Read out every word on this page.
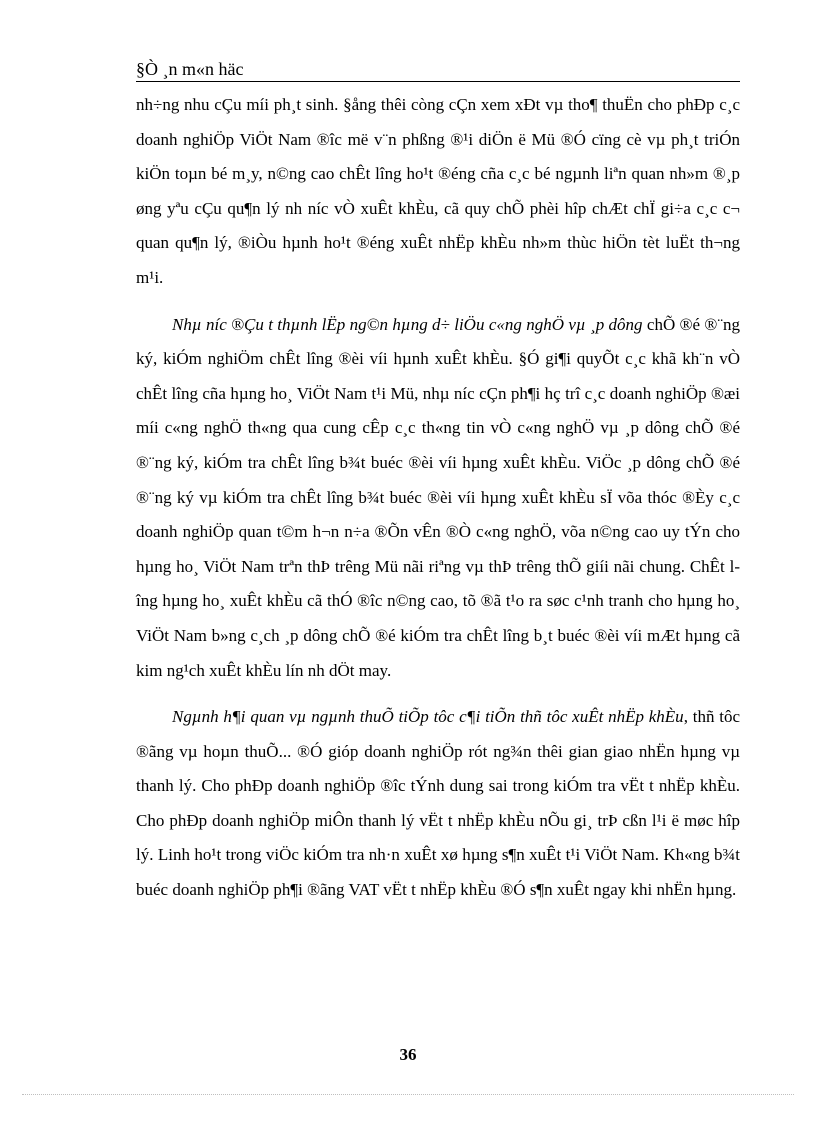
§Ò ¸n m«n häc

nh÷ng nhu cÇu míi ph¸t sinh. §ång thêi còng cÇn xem xÐt vµ tho¶ thuËn cho phÐp c¸c doanh nghiÖp ViÖt Nam ®îc më v¨n phßng ®¹i diÖn ë Mü ®Ó cïng cè vµ ph¸t triÓn kiÖn toµn bé m¸y, n©ng cao chÊt lîng ho¹t ®éng cña c¸c bé ngµnh liªn quan nh»m ®¸p øng yªu cÇu qu¶n lý nh níc vÒ xuÊt khÈu, cã quy chÕ phèi hîp chÆt chÏ gi÷a c¸c c¬ quan qu¶n lý, ®iÒu hµnh ho¹t ®éng xuÊt nhËp khÈu nh»m thùc hiÖn tèt luËt th¬ng m¹i.

Nhµ níc ®Çu t thµnh lËp ng©n hµng d÷ liÖu c«ng nghÖ vµ ¸p dông chÕ ®é ®¨ng ký, kiÓm nghiÖm chÊt lîng ®èi víi hµnh xuÊt khÈu. §Ó gi¶i quyÕt c¸c khã kh¨n vÒ chÊt lîng cña hµng ho¸ ViÖt Nam t¹i Mü, nhµ níc cÇn ph¶i hç trî c¸c doanh nghiÖp ®æi míi c«ng nghÖ th«ng qua cung cÊp c¸c th«ng tin vÒ c«ng nghÖ vµ ¸p dông chÕ ®é ®¨ng ký, kiÓm tra chÊt lîng b¾t buéc ®èi víi hµng xuÊt khÈu. ViÖc ¸p dông chÕ ®é ®¨ng ký vµ kiÓm tra chÊt lîng b¾t buéc ®èi víi hµng xuÊt khÈu sÏ võa thóc ®Èy c¸c doanh nghiÖp quan t©m h¬n n÷a ®Õn vÊn ®Ò c«ng nghÖ, võa n©ng cao uy tÝn cho hµng ho¸ ViÖt Nam trªn thÞ trêng Mü nãi riªng vµ thÞ trêng thÕ giíi nãi chung. ChÊt lîng hµng ho¸ xuÊt khÈu cã thÓ ®îc n©ng cao, tõ ®ã t¹o ra søc c¹nh tranh cho hµng ho¸ ViÖt Nam b»ng c¸ch ¸p dông chÕ ®é kiÓm tra chÊt lîng b¸t buéc ®èi víi mÆt hµng cã kim ng¹ch xuÊt khÈu lín nh dÖt may.

Ngµnh h¶i quan vµ ngµnh thuÕ tiÕp tôc c¶i tiÕn thñ tôc xuÊt nhËp khÈu, thñ tôc ®ãng vµ hoµn thuÕ... ®Ó gióp doanh nghiÖp rót ng¾n thêi gian giao nhËn hµng vµ thanh lý. Cho phÐp doanh nghiÖp ®îc tÝnh dung sai trong kiÓm tra vËt t nhËp khÈu. Cho phÐp doanh nghiÖp miÔn thanh lý vËt t nhËp khÈu nÕu gi¸ trÞ cßn l¹i ë møc hîp lý. Linh ho¹t trong viÖc kiÓm tra nh·n xuÊt xø hµng s¶n xuÊt t¹i ViÖt Nam. Kh«ng b¾t buéc doanh nghiÖp ph¶i ®ãng VAT vËt t nhËp khÈu ®Ó s¶n xuÊt ngay khi nhËn hµng.

36
